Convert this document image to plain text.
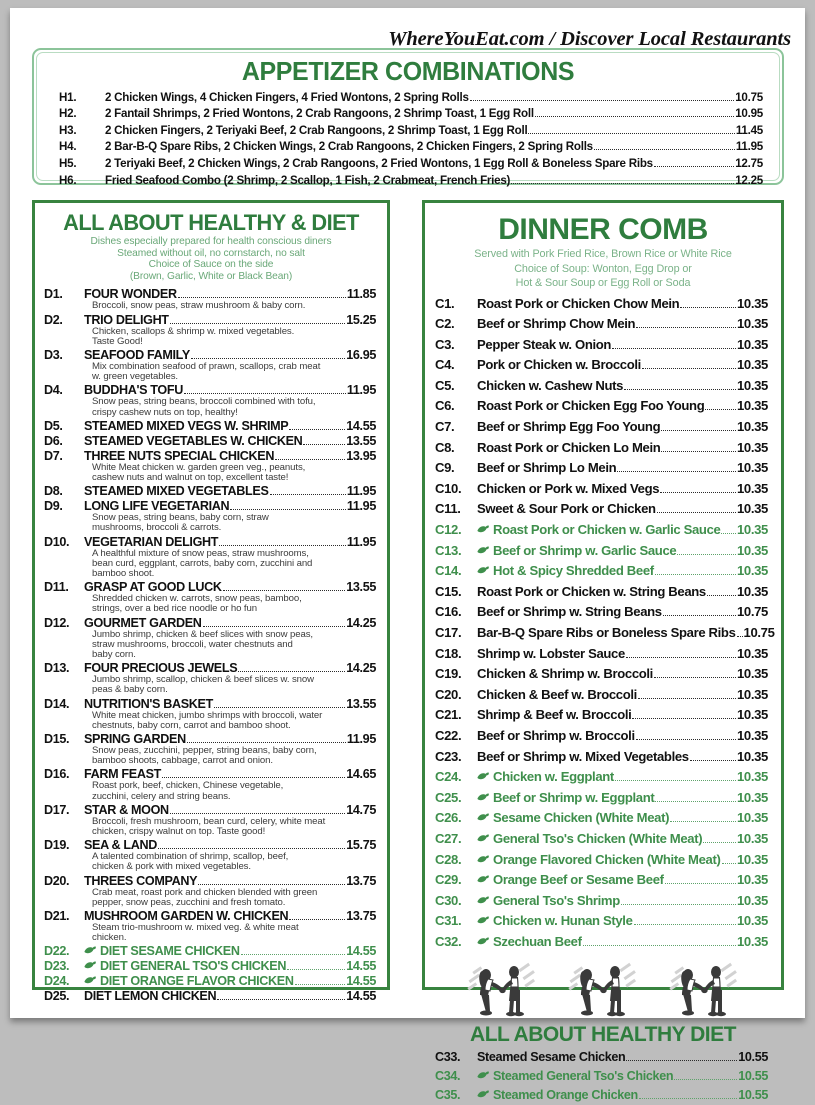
WhereYouEat.com / Discover Local Restaurants
APPETIZER COMBINATIONS
H1.	2 Chicken Wings, 4 Chicken Fingers, 4 Fried Wontons, 2 Spring Rolls	10.75
H2.	2 Fantail Shrimps, 2 Fried Wontons, 2 Crab Rangoons, 2 Shrimp Toast, 1 Egg Roll	10.95
H3.	2 Chicken Fingers, 2 Teriyaki Beef, 2 Crab Rangoons, 2 Shrimp Toast, 1 Egg Roll	11.45
H4.	2 Bar-B-Q Spare Ribs, 2 Chicken Wings, 2 Crab Rangoons, 2 Chicken Fingers, 2 Spring Rolls	11.95
H5.	2 Teriyaki Beef, 2 Chicken Wings, 2 Crab Rangoons, 2 Fried Wontons, 1 Egg Roll & Boneless Spare Ribs	12.75
H6.	Fried Seafood Combo (2 Shrimp, 2 Scallop, 1 Fish, 2 Crabmeat, French Fries)	12.25
ALL ABOUT HEALTHY & DIET
Dishes especially prepared for health conscious diners
Steamed without oil, no cornstarch, no salt
Choice of Sauce on the side
(Brown, Garlic, White or Black Bean)
D1.	FOUR WONDER	11.85
Broccoli, snow peas, straw mushroom & baby corn.
D2.	TRIO DELIGHT	15.25
Chicken, scallops & shrimp w. mixed vegetables.
Taste Good!
D3.	SEAFOOD FAMILY	16.95
Mix combination seafood of prawn, scallops, crab meat
w. green vegetables.
D4.	BUDDHA'S TOFU	11.95
Snow peas, string beans, broccoli combined with tofu,
crispy cashew nuts on top, healthy!
D5.	STEAMED MIXED VEGS W. SHRIMP	14.55
D6.	STEAMED VEGETABLES W. CHICKEN	13.55
D7.	THREE NUTS SPECIAL CHICKEN	13.95
White Meat chicken w. garden green veg., peanuts,
cashew nuts and walnut on top, excellent taste!
D8.	STEAMED MIXED VEGETABLES	11.95
D9.	LONG LIFE VEGETARIAN	11.95
Snow peas, string beans, baby corn, straw
mushrooms, broccoli & carrots.
D10.	VEGETARIAN DELIGHT	11.95
A healthful mixture of snow peas, straw mushrooms,
bean curd, eggplant, carrots, baby corn, zucchini and
bamboo shoot.
D11.	GRASP AT GOOD LUCK	13.55
Shredded chicken w. carrots, snow peas, bamboo,
strings, over a bed rice noodle or ho fun
D12.	GOURMET GARDEN	14.25
Jumbo shrimp, chicken & beef slices with snow peas,
straw mushrooms, broccoli, water chestnuts and
baby corn.
D13.	FOUR PRECIOUS JEWELS	14.25
Jumbo shrimp, scallop, chicken & beef slices w. snow
peas & baby corn.
D14.	NUTRITION'S BASKET	13.55
White meat chicken, jumbo shrimps with broccoli, water
chestnuts, baby corn, carrot and bamboo shoot.
D15.	SPRING GARDEN	11.95
Snow peas, zucchini, pepper, string beans, baby corn,
bamboo shoots, cabbage, carrot and onion.
D16.	FARM FEAST	14.65
Roast pork, beef, chicken, Chinese vegetable,
zucchini, celery and string beans.
D17.	STAR & MOON	14.75
Broccoli, fresh mushroom, bean curd, celery, white meat
chicken, crispy walnut on top. Taste good!
D19.	SEA & LAND	15.75
A talented combination of shrimp, scallop, beef,
chicken & pork with mixed vegetables.
D20.	THREES COMPANY	13.75
Crab meat, roast pork and chicken blended with green
pepper, snow peas, zucchini and fresh tomato.
D21.	MUSHROOM GARDEN W. CHICKEN	13.75
Steam trio-mushroom w. mixed veg. & white meat
chicken.
D22.	DIET SESAME CHICKEN	14.55
D23.	DIET GENERAL TSO'S CHICKEN	14.55
D24.	DIET ORANGE FLAVOR CHICKEN	14.55
D25.	DIET LEMON CHICKEN	14.55
DINNER COMB
Served with Pork Fried Rice, Brown Rice or White Rice
Choice of Soup: Wonton, Egg Drop or
Hot & Sour Soup or Egg Roll or Soda
C1.	Roast Pork or Chicken Chow Mein	10.35
C2.	Beef or Shrimp Chow Mein	10.35
C3.	Pepper Steak w. Onion	10.35
C4.	Pork or Chicken w. Broccoli	10.35
C5.	Chicken w. Cashew Nuts	10.35
C6.	Roast Pork or Chicken Egg Foo Young 10.35
C7.	Beef or Shrimp Egg Foo Young	10.35
C8.	Roast Pork or Chicken Lo Mein	10.35
C9.	Beef or Shrimp Lo Mein	10.35
C10.	Chicken or Pork w. Mixed Vegs	10.35
C11.	Sweet & Sour Pork or Chicken	10.35
C12.	Roast Pork or Chicken w. Garlic Sauce 10.35
C13.	Beef or Shrimp w. Garlic Sauce	10.35
C14.	Hot & Spicy Shredded Beef	10.35
C15.	Roast Pork or Chicken w. String Beans 10.35
C16.	Beef or Shrimp w. String Beans	10.75
C17.	Bar-B-Q Spare Ribs or Boneless Spare Ribs 10.75
C18.	Shrimp w. Lobster Sauce	10.35
C19.	Chicken & Shrimp w. Broccoli	10.35
C20.	Chicken & Beef w. Broccoli	10.35
C21.	Shrimp & Beef w. Broccoli	10.35
C22.	Beef or Shrimp w. Broccoli	10.35
C23.	Beef or Shrimp w. Mixed Vegetables	10.35
C24.	Chicken w. Eggplant	10.35
C25.	Beef or Shrimp w. Eggplant	10.35
C26.	Sesame Chicken (White Meat)	10.35
C27.	General Tso's Chicken (White Meat)	10.35
C28.	Orange Flavored Chicken (White Meat) 10.35
C29.	Orange Beef or Sesame Beef	10.35
C30.	General Tso's Shrimp	10.35
C31.	Chicken w. Hunan Style	10.35
C32.	Szechuan Beef	10.35
ALL ABOUT HEALTHY DIET
C33.	Steamed Sesame Chicken	10.55
C34.	Steamed General Tso's Chicken	10.55
C35.	Steamed Orange Chicken	10.55
